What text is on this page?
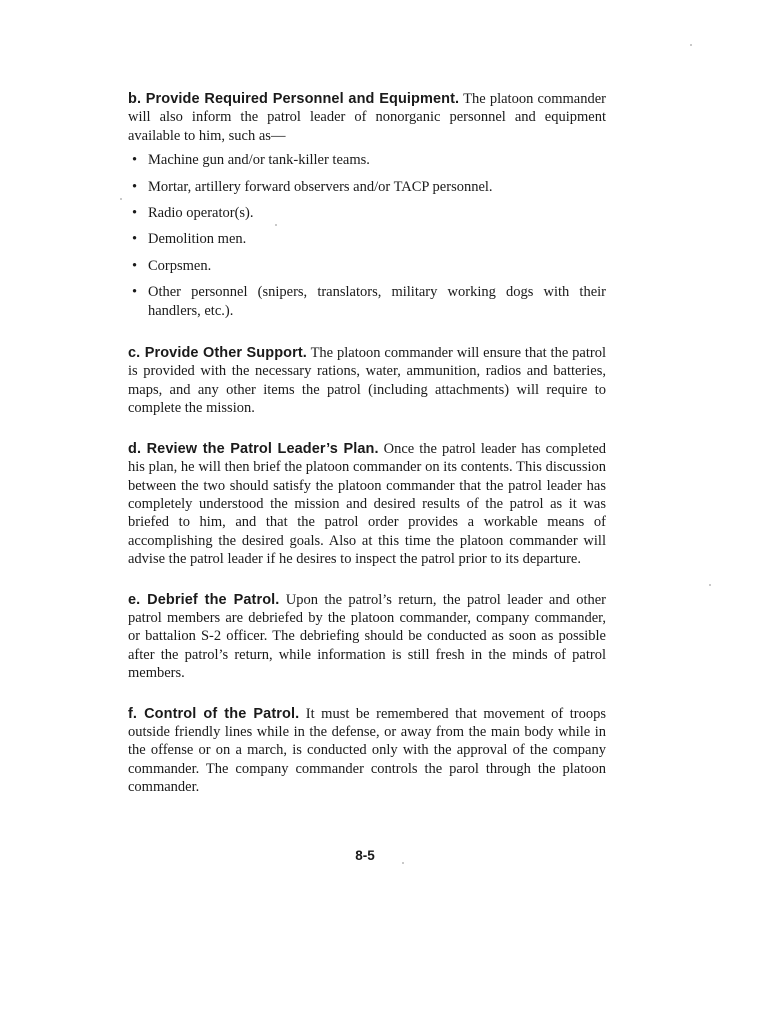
b. Provide Required Personnel and Equipment. The platoon commander will also inform the patrol leader of nonorganic personnel and equipment available to him, such as—

• Machine gun and/or tank-killer teams.
• Mortar, artillery forward observers and/or TACP personnel.
• Radio operator(s).
• Demolition men.
• Corpsmen.
• Other personnel (snipers, translators, military working dogs with their handlers, etc.).

c. Provide Other Support. The platoon commander will ensure that the patrol is provided with the necessary rations, water, ammunition, radios and batteries, maps, and any other items the patrol (including attachments) will require to complete the mission.

d. Review the Patrol Leader’s Plan. Once the patrol leader has completed his plan, he will then brief the platoon commander on its contents. This discussion between the two should satisfy the platoon commander that the patrol leader has completely understood the mission and desired results of the patrol as it was briefed to him, and that the patrol order provides a workable means of accomplishing the desired goals. Also at this time the platoon commander will advise the patrol leader if he desires to inspect the patrol prior to its departure.

e. Debrief the Patrol. Upon the patrol’s return, the patrol leader and other patrol members are debriefed by the platoon commander, company commander, or battalion S-2 officer. The debriefing should be conducted as soon as possible after the patrol’s return, while information is still fresh in the minds of patrol members.

f. Control of the Patrol. It must be remembered that movement of troops outside friendly lines while in the defense, or away from the main body while in the offense or on a march, is conducted only with the approval of the company commander. The company commander controls the parol through the platoon commander.

8-5
